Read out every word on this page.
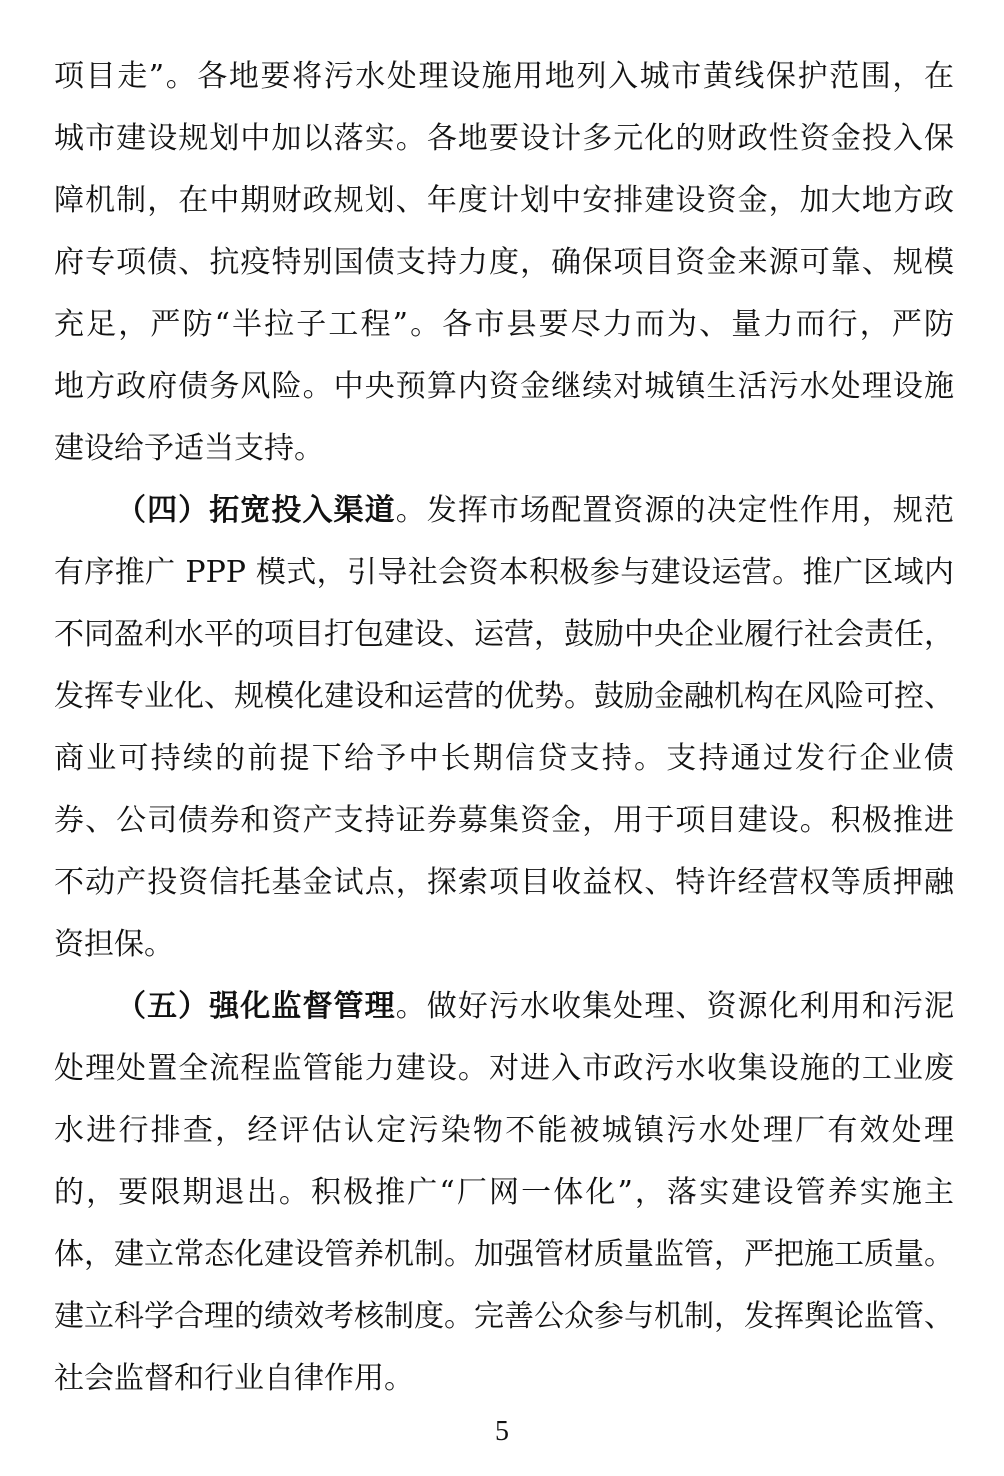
项目走”。各地要将污水处理设施用地列入城市黄线保护范围，在
城市建设规划中加以落实。各地要设计多元化的财政性资金投入保
障机制，在中期财政规划、年度计划中安排建设资金，加大地方政
府专项债、抗疫特别国债支持力度，确保项目资金来源可靠、规模
充足，严防“半拉子工程”。各市县要尽力而为、量力而行，严防
地方政府债务风险。中央预算内资金继续对城镇生活污水处理设施
建设给予适当支持。
（四）拓宽投入渠道。发挥市场配置资源的决定性作用，规范
有序推广 PPP 模式，引导社会资本积极参与建设运营。推广区域内
不同盈利水平的项目打包建设、运营，鼓励中央企业履行社会责任，
发挥专业化、规模化建设和运营的优势。鼓励金融机构在风险可控、
商业可持续的前提下给予中长期信贷支持。支持通过发行企业债
券、公司债券和资产支持证券募集资金，用于项目建设。积极推进
不动产投资信托基金试点，探索项目收益权、特许经营权等质押融
资担保。
（五）强化监督管理。做好污水收集处理、资源化利用和污泥
处理处置全流程监管能力建设。对进入市政污水收集设施的工业废
水进行排查，经评估认定污染物不能被城镇污水处理厂有效处理
的，要限期退出。积极推广“厂网一体化”，落实建设管养实施主
体，建立常态化建设管养机制。加强管材质量监管，严把施工质量。
建立科学合理的绩效考核制度。完善公众参与机制，发挥舆论监管、
社会监督和行业自律作用。
5
